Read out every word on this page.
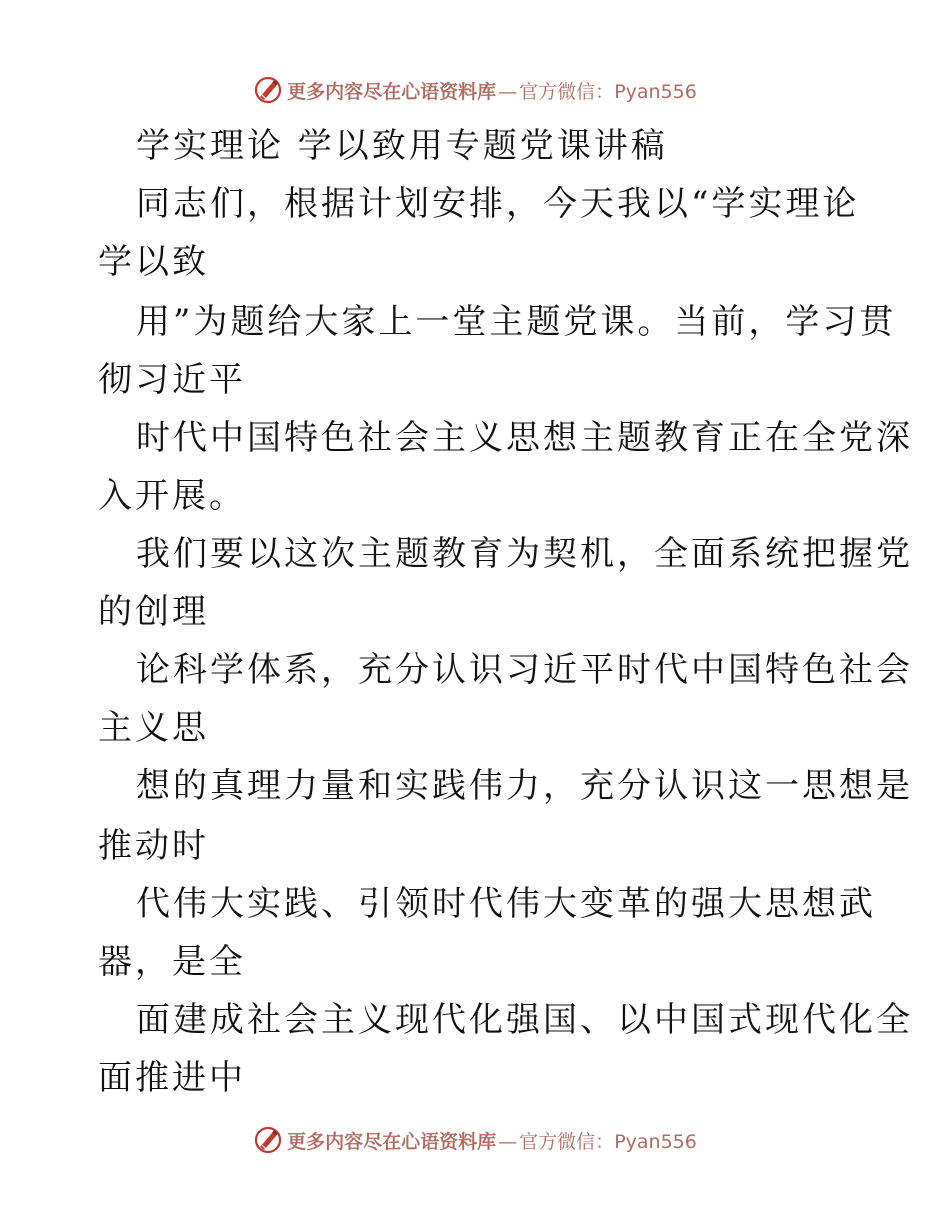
更多内容尽在心语资料库 — 官方微信：Pyan556
学实理论 学以致用专题党课讲稿
同志们，根据计划安排，今天我以“学实理论
学以致
用”为题给大家上一堂主题党课。当前，学习贯
彻习近平
时代中国特色社会主义思想主题教育正在全党深
入开展。
我们要以这次主题教育为契机，全面系统把握党
的创理
论科学体系，充分认识习近平时代中国特色社会
主义思
想的真理力量和实践伟力，充分认识这一思想是
推动时
代伟大实践、引领时代伟大变革的强大思想武
器，是全
面建成社会主义现代化强国、以中国式现代化全
面推进中
更多内容尽在心语资料库 — 官方微信：Pyan556
